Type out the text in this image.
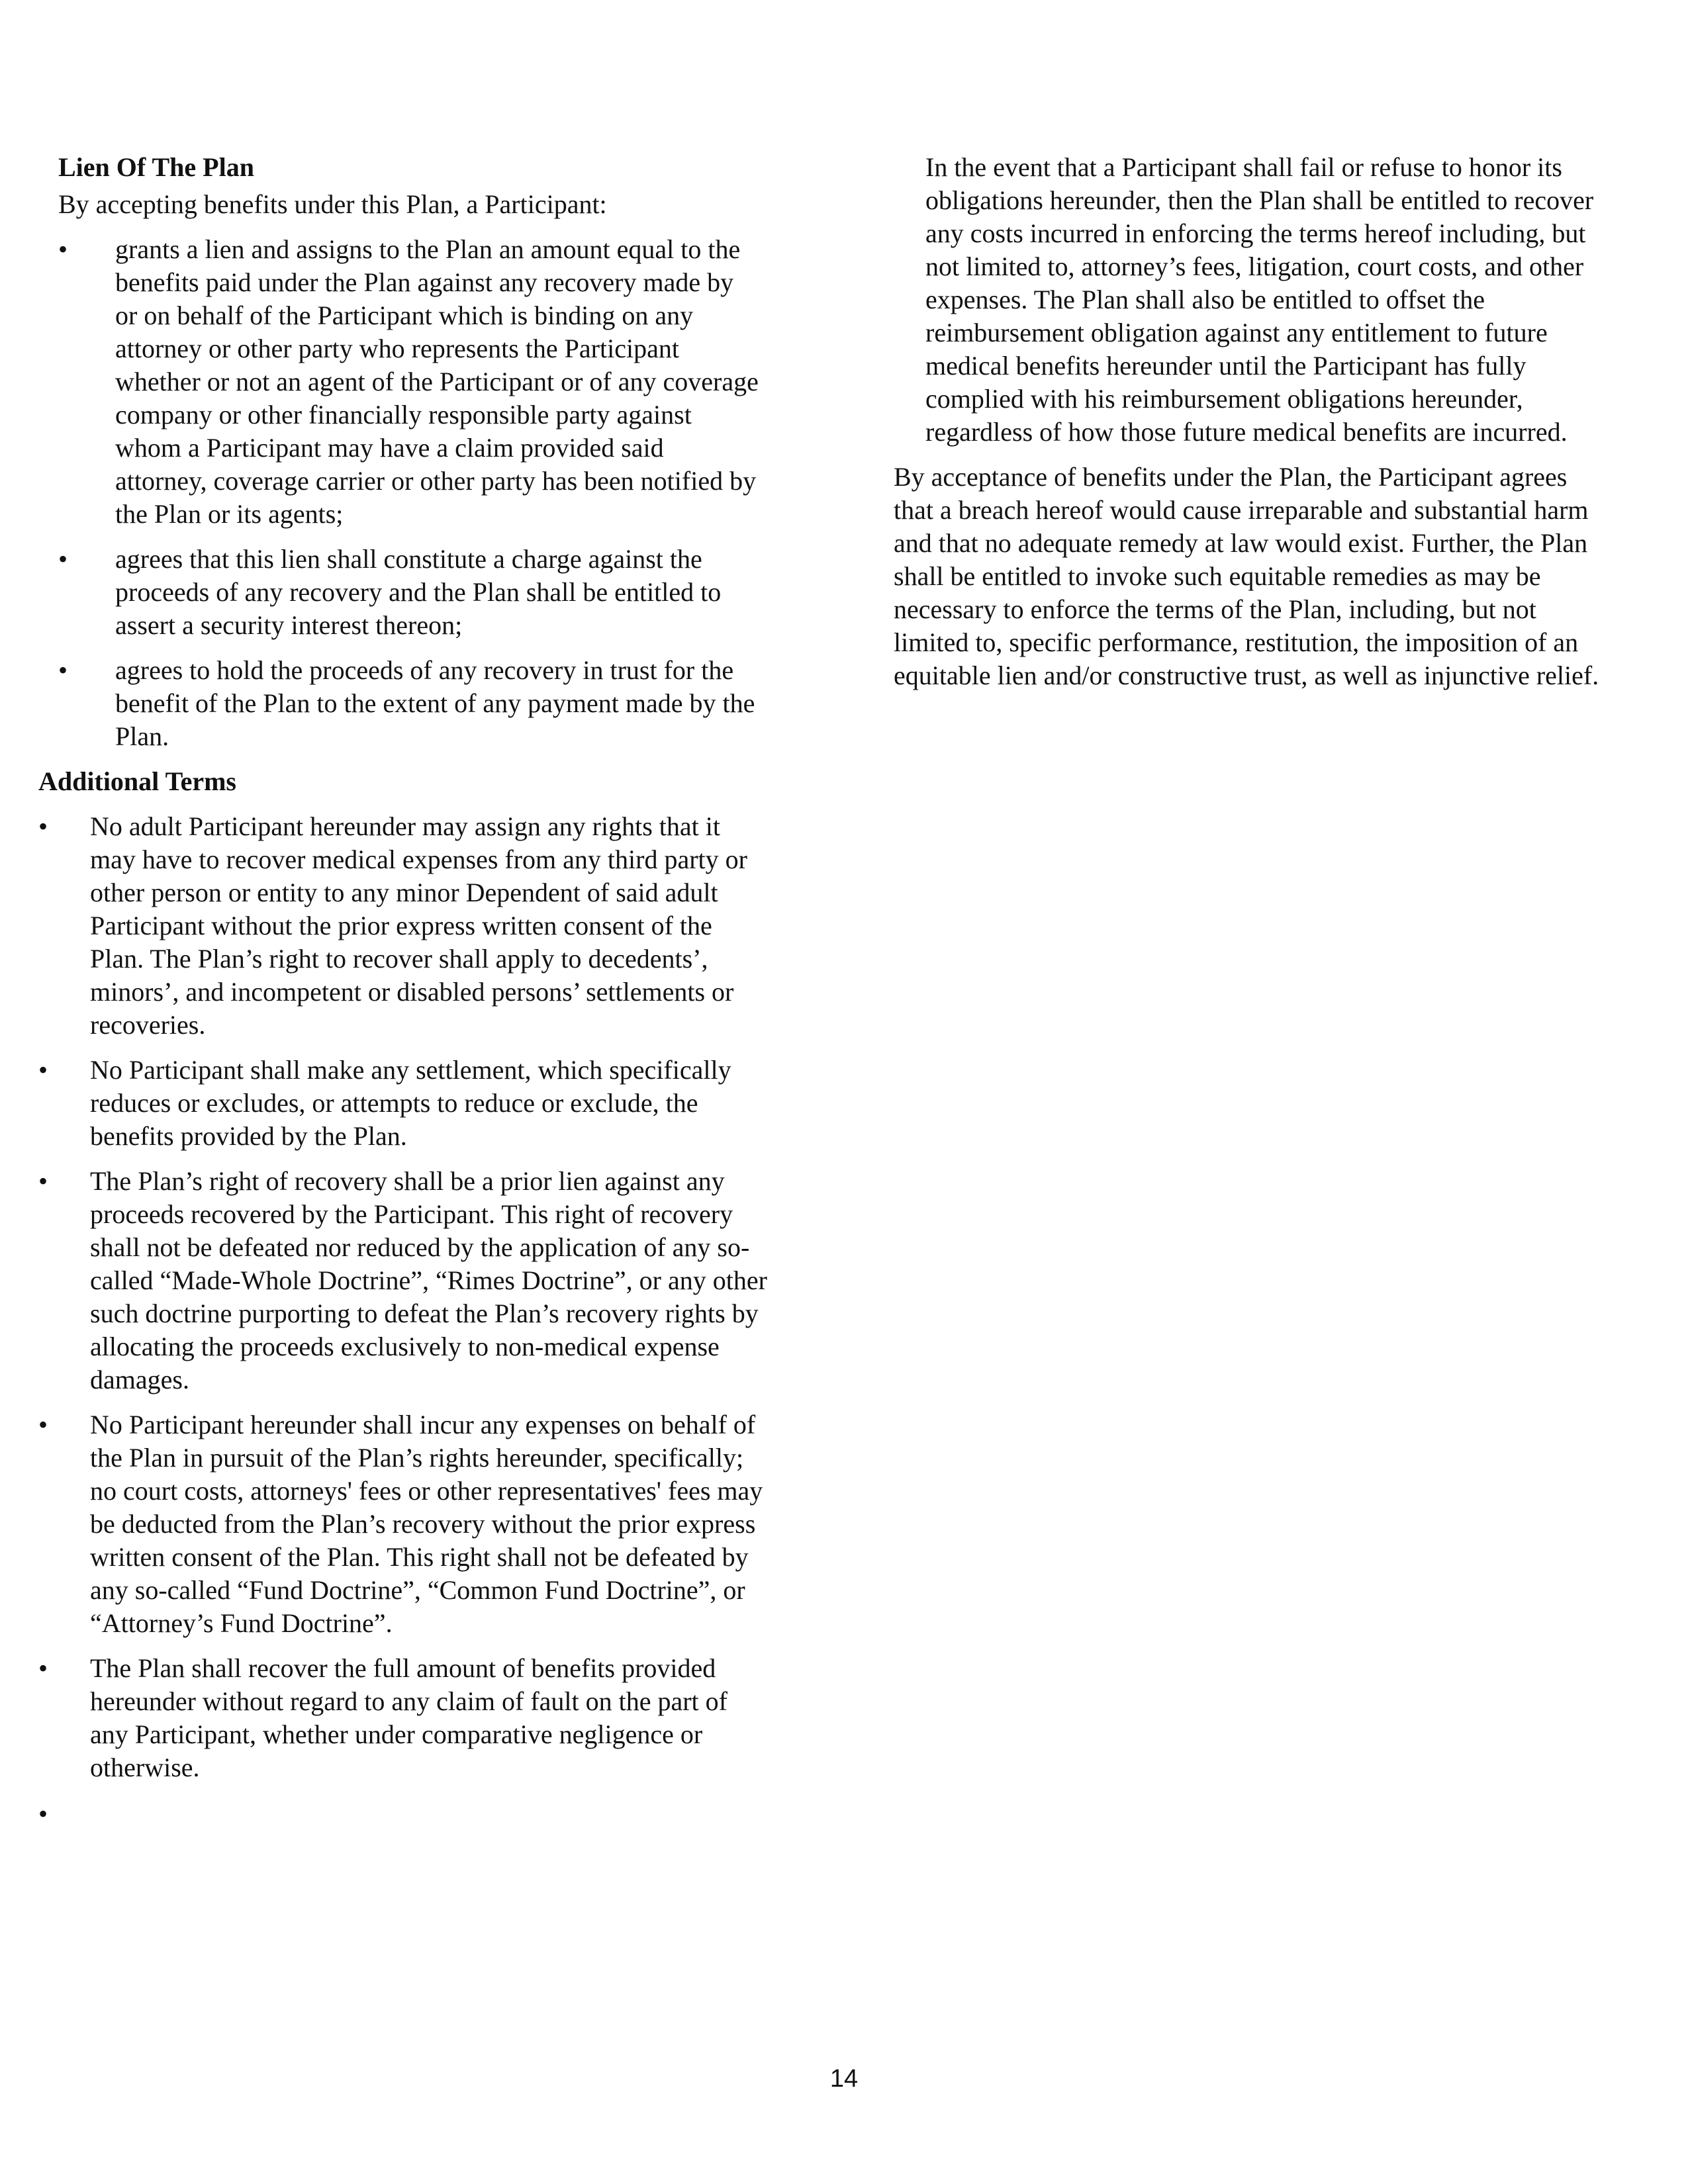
Lien Of The Plan

By accepting benefits under this Plan, a Participant:

• grants a lien and assigns to the Plan an amount equal to the benefits paid under the Plan against any recovery made by or on behalf of the Participant which is binding on any attorney or other party who represents the Participant whether or not an agent of the Participant or of any coverage company or other financially responsible party against whom a Participant may have a claim provided said attorney, coverage carrier or other party has been notified by the Plan or its agents;
• agrees that this lien shall constitute a charge against the proceeds of any recovery and the Plan shall be entitled to assert a security interest thereon;
• agrees to hold the proceeds of any recovery in trust for the benefit of the Plan to the extent of any payment made by the Plan.

Additional Terms

• No adult Participant hereunder may assign any rights that it may have to recover medical expenses from any third party or other person or entity to any minor Dependent of said adult Participant without the prior express written consent of the Plan. The Plan’s right to recover shall apply to decedents’, minors’, and incompetent or disabled persons’ settlements or recoveries.
• No Participant shall make any settlement, which specifically reduces or excludes, or attempts to reduce or exclude, the benefits provided by the Plan.
• The Plan’s right of recovery shall be a prior lien against any proceeds recovered by the Participant. This right of recovery shall not be defeated nor reduced by the application of any so-called “Made-Whole Doctrine”, “Rimes Doctrine”, or any other such doctrine purporting to defeat the Plan’s recovery rights by allocating the proceeds exclusively to non-medical expense damages.
• No Participant hereunder shall incur any expenses on behalf of the Plan in pursuit of the Plan’s rights hereunder, specifically; no court costs, attorneys' fees or other representatives' fees may be deducted from the Plan’s recovery without the prior express written consent of the Plan. This right shall not be defeated by any so-called “Fund Doctrine”, “Common Fund Doctrine”, or “Attorney’s Fund Doctrine”.
• The Plan shall recover the full amount of benefits provided hereunder without regard to any claim of fault on the part of any Participant, whether under comparative negligence or otherwise.
•

In the event that a Participant shall fail or refuse to honor its obligations hereunder, then the Plan shall be entitled to recover any costs incurred in enforcing the terms hereof including, but not limited to, attorney’s fees, litigation, court costs, and other expenses. The Plan shall also be entitled to offset the reimbursement obligation against any entitlement to future medical benefits hereunder until the Participant has fully complied with his reimbursement obligations hereunder, regardless of how those future medical benefits are incurred.

By acceptance of benefits under the Plan, the Participant agrees that a breach hereof would cause irreparable and substantial harm and that no adequate remedy at law would exist. Further, the Plan shall be entitled to invoke such equitable remedies as may be necessary to enforce the terms of the Plan, including, but not limited to, specific performance, restitution, the imposition of an equitable lien and/or constructive trust, as well as injunctive relief.

14
